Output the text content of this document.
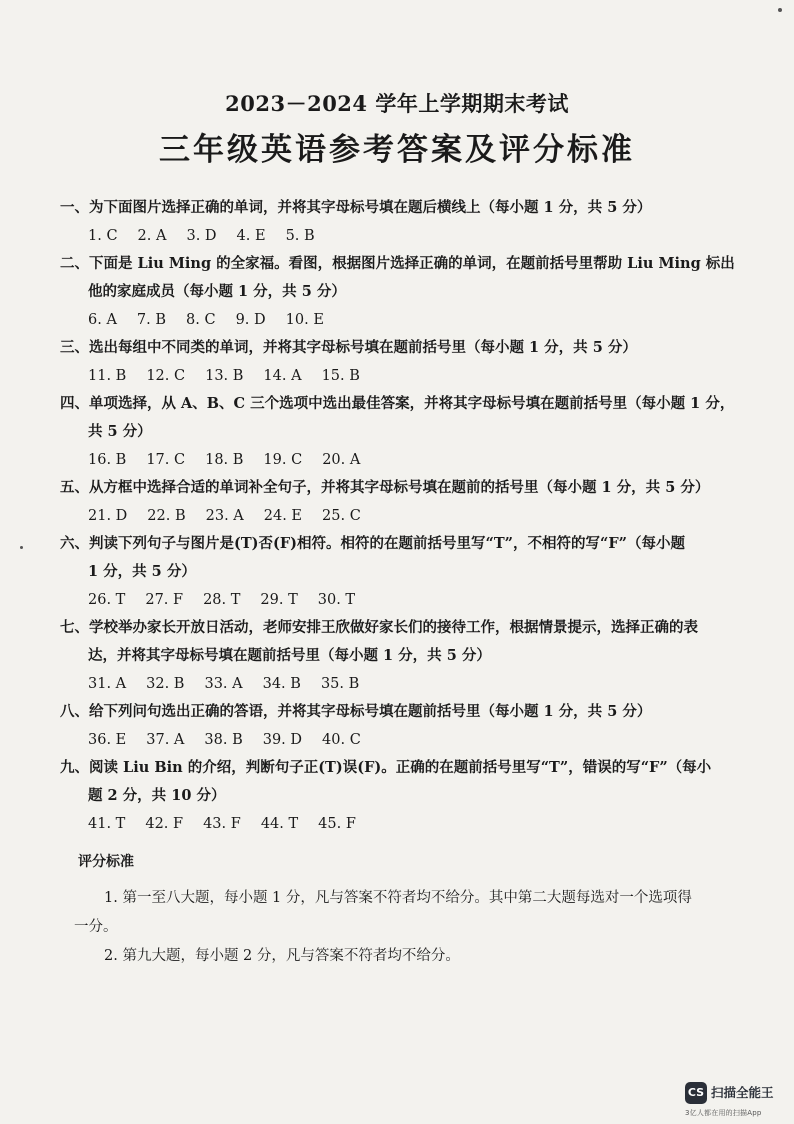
2023－2024 学年上学期期末考试
三年级英语参考答案及评分标准

一、为下面图片选择正确的单词，并将其字母标号填在题后横线上（每小题 1 分，共 5 分）

1. C 2. A 3. D 4. E 5. B

二、下面是 Liu Ming 的全家福。看图，根据图片选择正确的单词，在题前括号里帮助 Liu Ming 标出

他的家庭成员（每小题 1 分，共 5 分）

6. A 7. B 8. C 9. D 10. E

三、选出每组中不同类的单词，并将其字母标号填在题前括号里（每小题 1 分，共 5 分）

11. B 12. C 13. B 14. A 15. B

四、单项选择，从 A、B、C 三个选项中选出最佳答案，并将其字母标号填在题前括号里（每小题 1 分，

共 5 分）

16. B 17. C 18. B 19. C 20. A

五、从方框中选择合适的单词补全句子，并将其字母标号填在题前的括号里（每小题 1 分，共 5 分）

21. D 22. B 23. A 24. E 25. C

六、判读下列句子与图片是(T)否(F)相符。相符的在题前括号里写“T”，不相符的写“F”（每小题

1 分，共 5 分）

26. T 27. F 28. T 29. T 30. T

七、学校举办家长开放日活动，老师安排王欣做好家长们的接待工作，根据情景提示，选择正确的表

达，并将其字母标号填在题前括号里（每小题 1 分，共 5 分）

31. A 32. B 33. A 34. B 35. B

八、给下列问句选出正确的答语，并将其字母标号填在题前括号里（每小题 1 分，共 5 分）

36. E 37. A 38. B 39. D 40. C

九、阅读 Liu Bin 的介绍，判断句子正(T)误(F)。正确的在题前括号里写“T”，错误的写“F”（每小

题 2 分，共 10 分）

41. T 42. F 43. F 44. T 45. F

评分标准

1. 第一至八大题，每小题 1 分，凡与答案不符者均不给分。其中第二大题每选对一个选项得

一分。

2. 第九大题，每小题 2 分，凡与答案不符者均不给分。

CS 扫描全能王
3亿人都在用的扫描App
